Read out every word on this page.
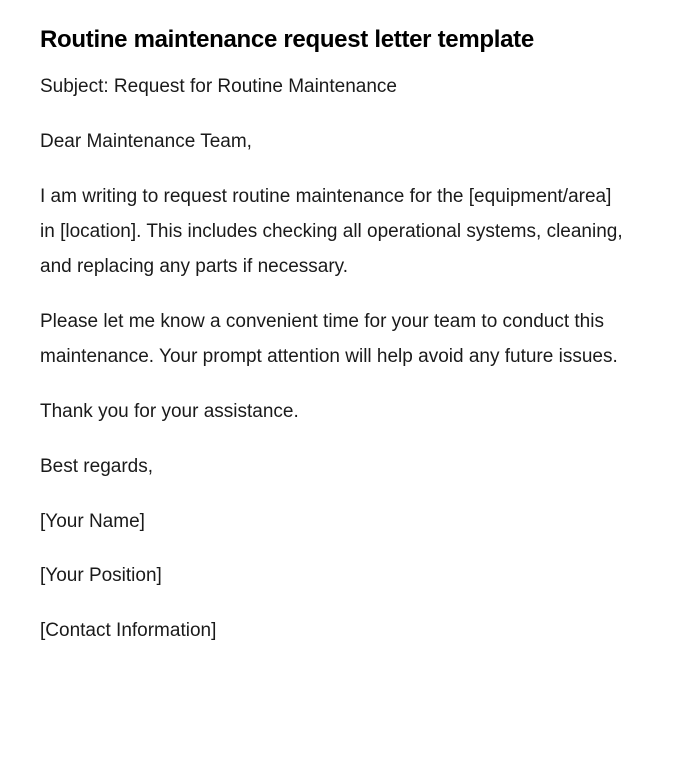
Routine maintenance request letter template

Subject: Request for Routine Maintenance

Dear Maintenance Team,

I am writing to request routine maintenance for the [equipment/area] in [location]. This includes checking all operational systems, cleaning, and replacing any parts if necessary.

Please let me know a convenient time for your team to conduct this maintenance. Your prompt attention will help avoid any future issues.

Thank you for your assistance.

Best regards,

[Your Name]

[Your Position]

[Contact Information]
